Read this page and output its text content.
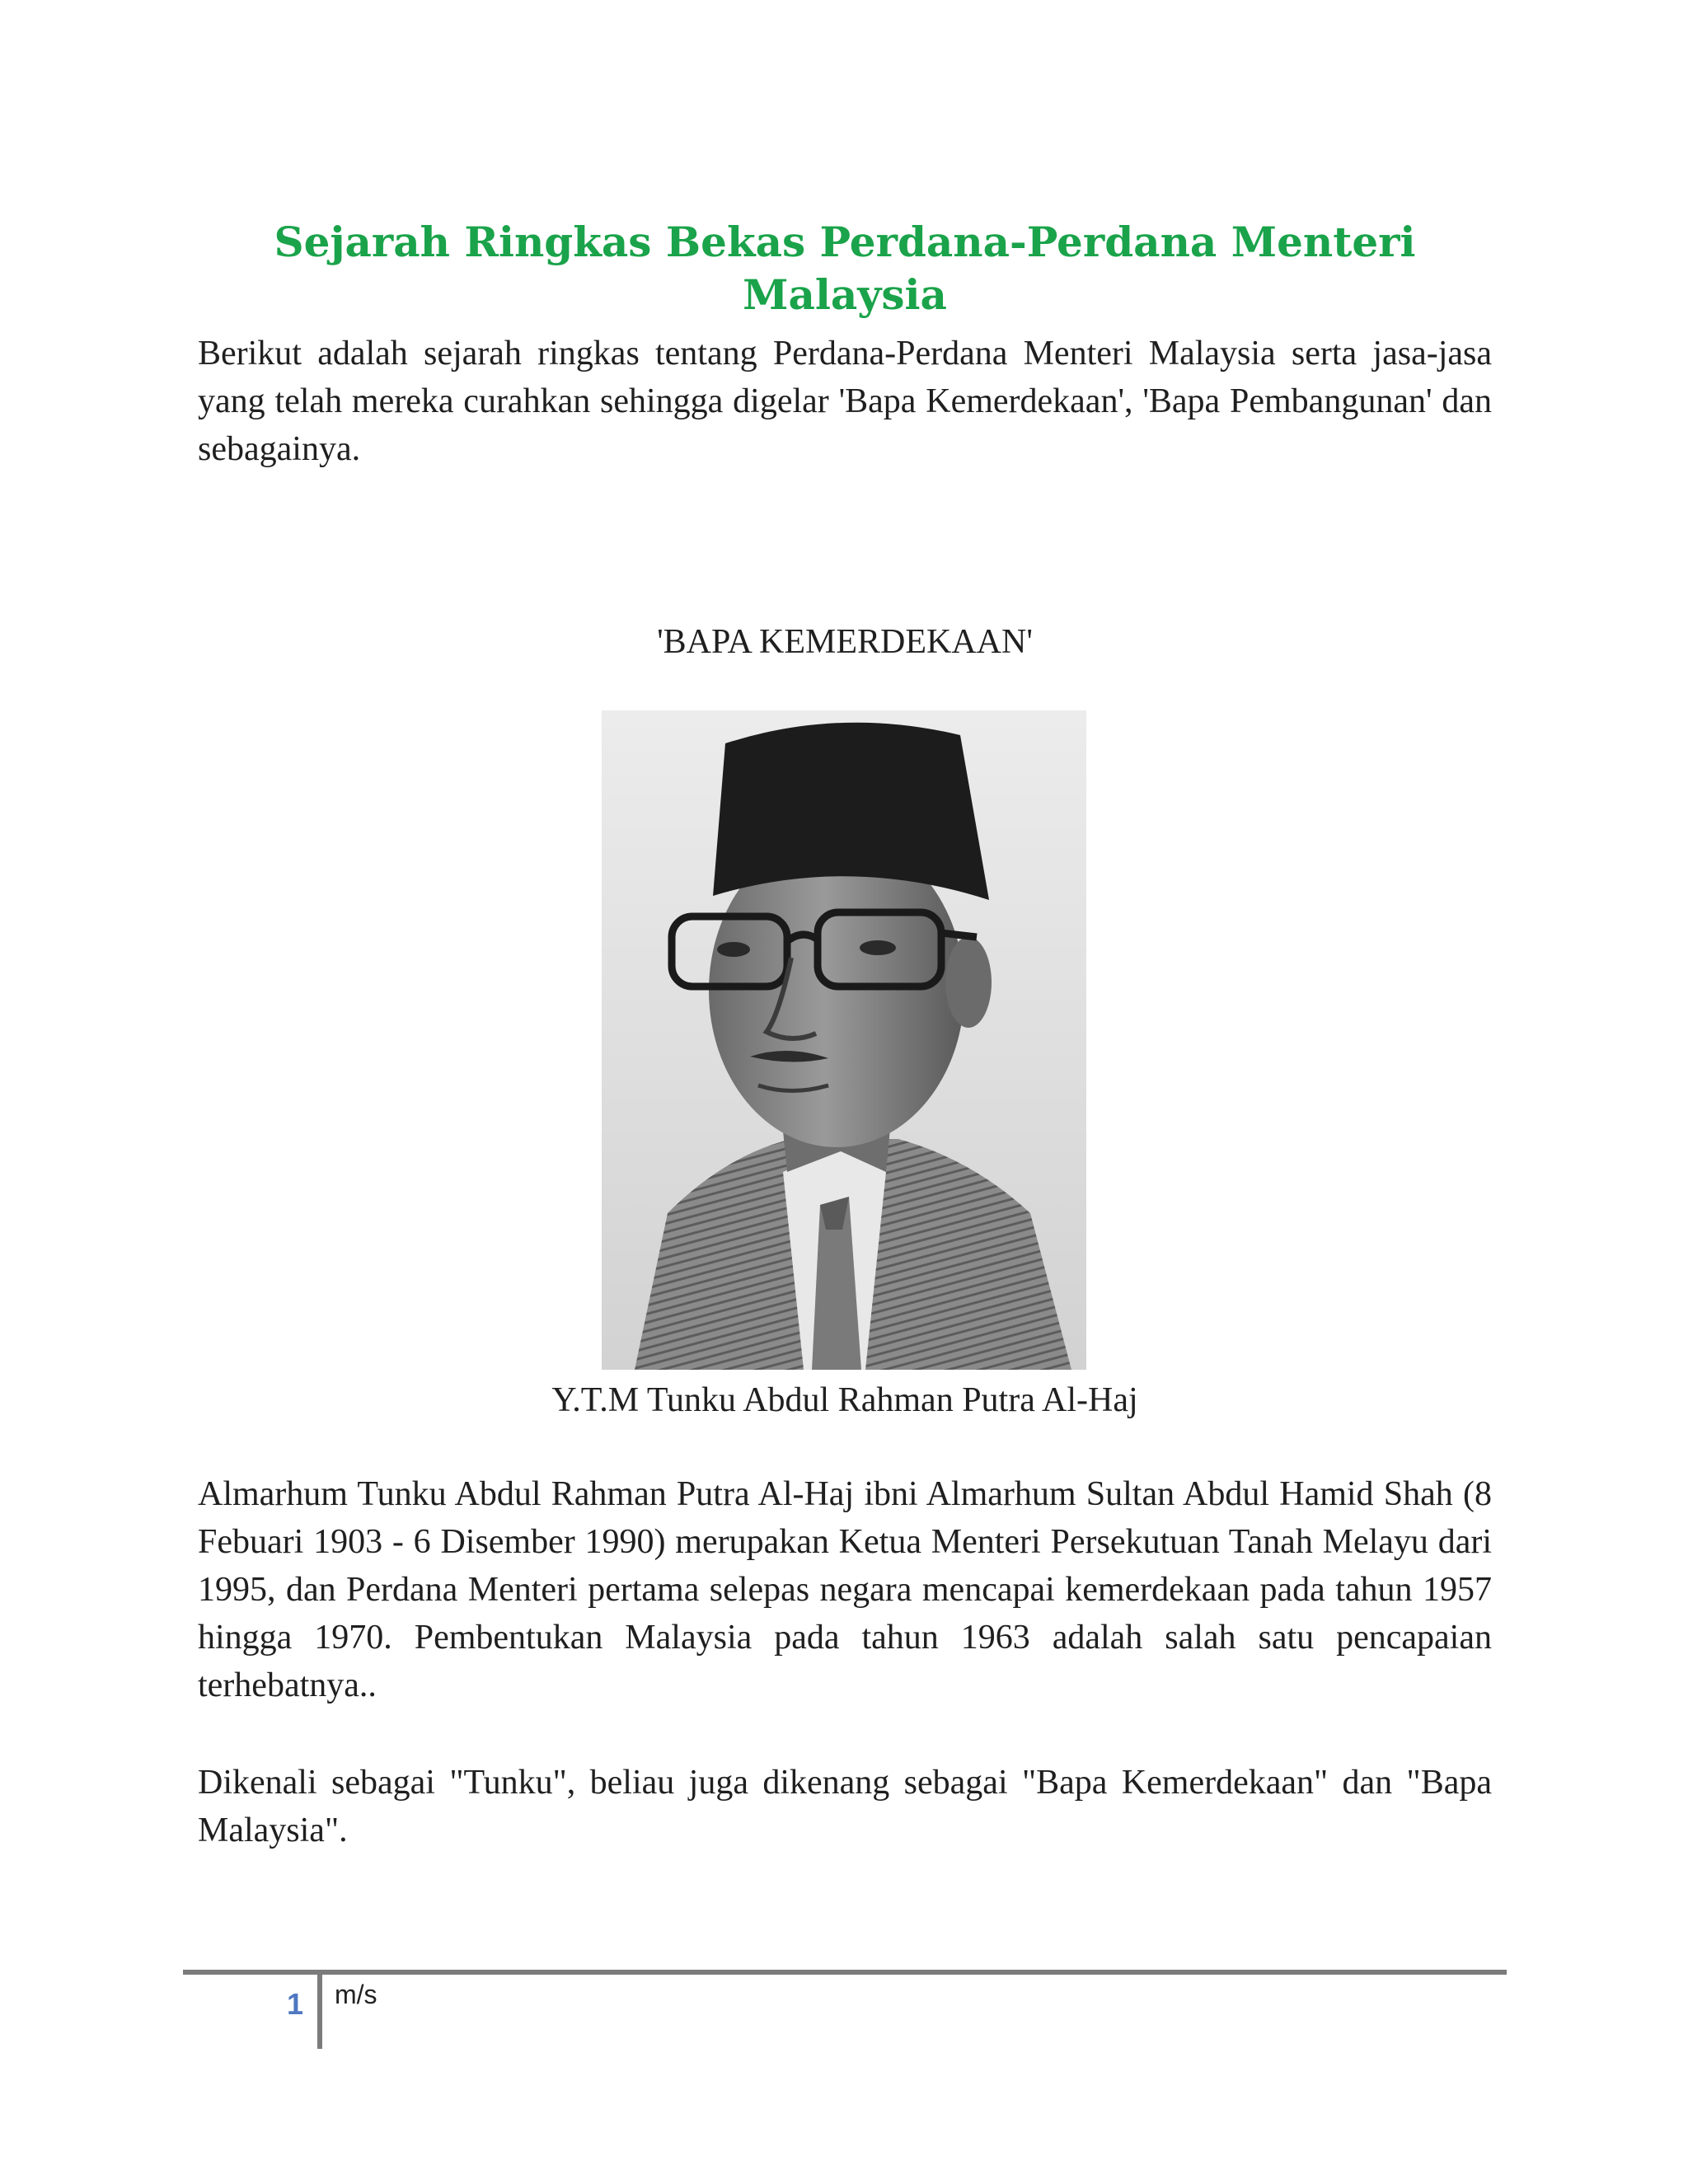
Sejarah Ringkas Bekas Perdana-Perdana Menteri Malaysia

Berikut adalah sejarah ringkas tentang Perdana-Perdana Menteri Malaysia serta jasa-jasa yang telah mereka curahkan sehingga digelar 'Bapa Kemerdekaan', 'Bapa Pembangunan' dan sebagainya.

'BAPA KEMERDEKAAN'
Y.T.M Tunku Abdul Rahman Putra Al-Haj

Almarhum Tunku Abdul Rahman Putra Al-Haj ibni Almarhum Sultan Abdul Hamid Shah (8 Febuari 1903 - 6 Disember 1990) merupakan Ketua Menteri Persekutuan Tanah Melayu dari 1995, dan Perdana Menteri pertama selepas negara mencapai kemerdekaan pada tahun 1957 hingga 1970. Pembentukan Malaysia pada tahun 1963 adalah salah satu pencapaian terhebatnya..

Dikenali sebagai "Tunku", beliau juga dikenang sebagai "Bapa Kemerdekaan" dan "Bapa Malaysia".

1	m/s
